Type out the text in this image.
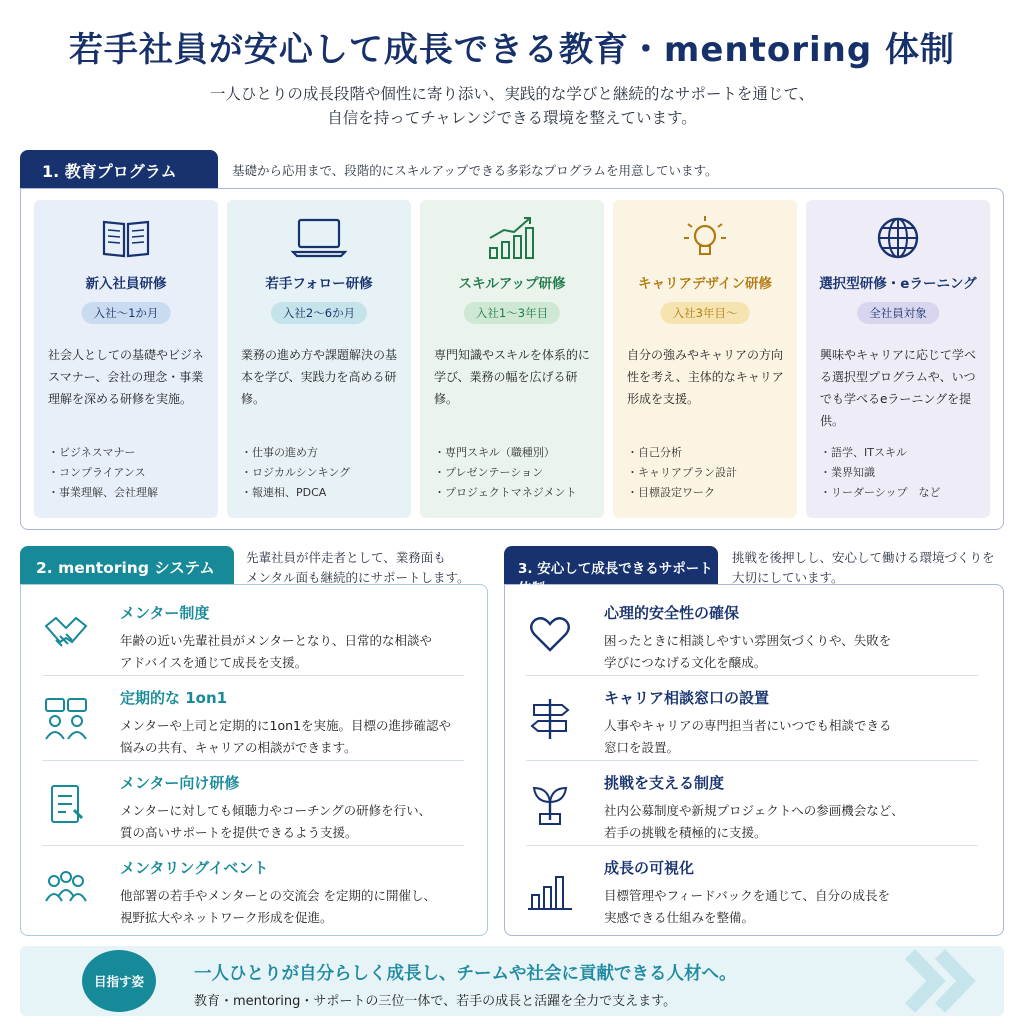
若手社員が安心して成長できる教育・mentoring 体制
一人ひとりの成長段階や個性に寄り添い、実践的な学びと継続的なサポートを通じて、
自信を持ってチャレンジできる環境を整えています。
1. 教育プログラム	基礎から応用まで、段階的にスキルアップできる多彩なプログラムを用意しています。
新入社員研修
入社〜1か月
社会人としての基礎やビジネスマナー、会社の理念・事業理解を深める研修を実施。
・ ビジネスマナー
・ コンプライアンス
・ 事業理解、会社理解
若手フォロー研修
入社2〜6か月
業務の進め方や課題解決の基本を学び、実践力を高める研修。
・ 仕事の進め方
・ ロジカルシンキング
・ 報連相、PDCA
スキルアップ研修
入社1〜3年目
専門知識やスキルを体系的に学び、業務の幅を広げる研修。
・ 専門スキル（職種別）
・ プレゼンテーション
・ プロジェクトマネジメント
キャリアデザイン研修
入社3年目〜
自分の強みやキャリアの方向性を考え、主体的なキャリア形成を支援。
・ 自己分析
・ キャリアプラン設計
・ 目標設定ワーク
選択型研修・eラーニング
全社員対象
興味やキャリアに応じて学べる選択型プログラムや、いつでも学べるeラーニングを提供。
・ 語学、ITスキル
・ 業界知識
・ リーダーシップ　など
2. mentoring システム
先輩社員が伴走者として、業務面も
メンタル面も継続的にサポートします。
3. 安心して成長できるサポート体制
挑戦を後押しし、安心して働ける環境づくりを
大切にしています。
メンター制度
年齢の近い先輩社員がメンターとなり、日常的な相談や
アドバイスを通じて成長を支援。
定期的な 1on1
メンターや上司と定期的に1on1を実施。目標の進捗確認や
悩みの共有、キャリアの相談ができます。
メンター向け研修
メンターに対しても傾聴力やコーチングの研修を行い、
質の高いサポートを提供できるよう支援。
メンタリングイベント
他部署の若手やメンターとの交流会 を定期的に開催し、
視野拡大やネットワーク形成を促進。
心理的安全性の確保
困ったときに相談しやすい雰囲気づくりや、失敗を
学びにつなげる文化を醸成。
キャリア相談窓口の設置
人事やキャリアの専門担当者にいつでも相談できる
窓口を設置。
挑戦を支える制度
社内公募制度や新規プロジェクトへの参画機会など、
若手の挑戦を積極的に支援。
成長の可視化
目標管理やフィードバックを通じて、自分の成長を
実感できる仕組みを整備。
目指す姿	一人ひとりが自分らしく成長し、チームや社会に貢献できる人材へ。
教育・mentoring・サポートの三位一体で、若手の成長と活躍を全力で支えます。
